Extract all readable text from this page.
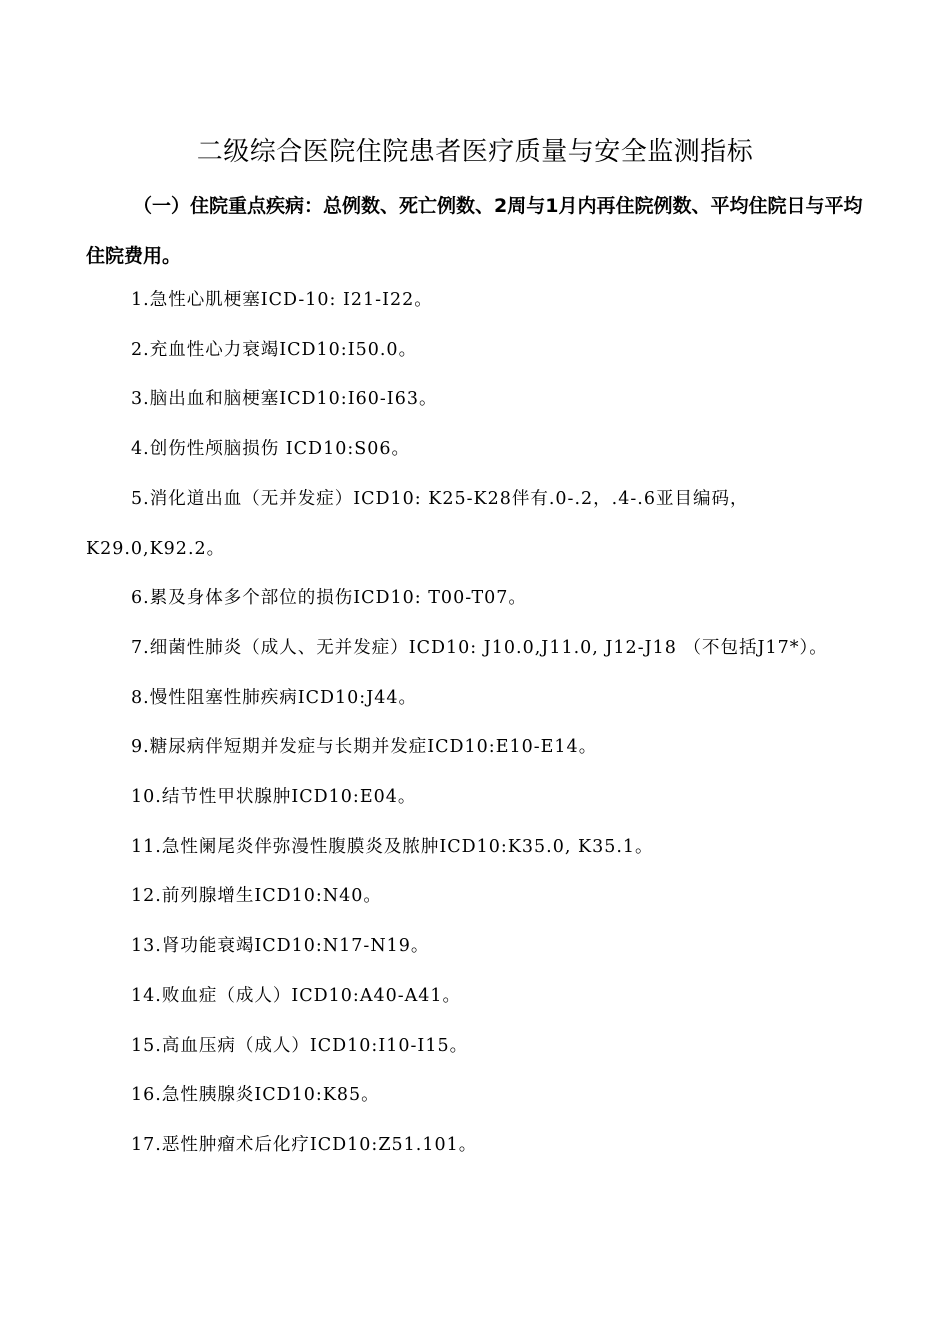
二级综合医院住院患者医疗质量与安全监测指标

（一）住院重点疾病：总例数、死亡例数、2周与1月内再住院例数、平均住院日与平均住院费用。

1.急性心肌梗塞ICD-10: I21-I22。
2.充血性心力衰竭ICD10:I50.0。
3.脑出血和脑梗塞ICD10:I60-I63。
4.创伤性颅脑损伤 ICD10:S06。
5.消化道出血（无并发症）ICD10: K25-K28伴有.0-.2，.4-.6亚目编码，K29.0,K92.2。
6.累及身体多个部位的损伤ICD10: T00-T07。
7.细菌性肺炎（成人、无并发症）ICD10: J10.0,J11.0, J12-J18 （不包括J17*）。
8.慢性阻塞性肺疾病ICD10:J44。
9.糖尿病伴短期并发症与长期并发症ICD10:E10-E14。
10.结节性甲状腺肿ICD10:E04。
11.急性阑尾炎伴弥漫性腹膜炎及脓肿ICD10:K35.0, K35.1。
12.前列腺增生ICD10:N40。
13.肾功能衰竭ICD10:N17-N19。
14.败血症（成人）ICD10:A40-A41。
15.高血压病（成人）ICD10:I10-I15。
16.急性胰腺炎ICD10:K85。
17.恶性肿瘤术后化疗ICD10:Z51.101。
